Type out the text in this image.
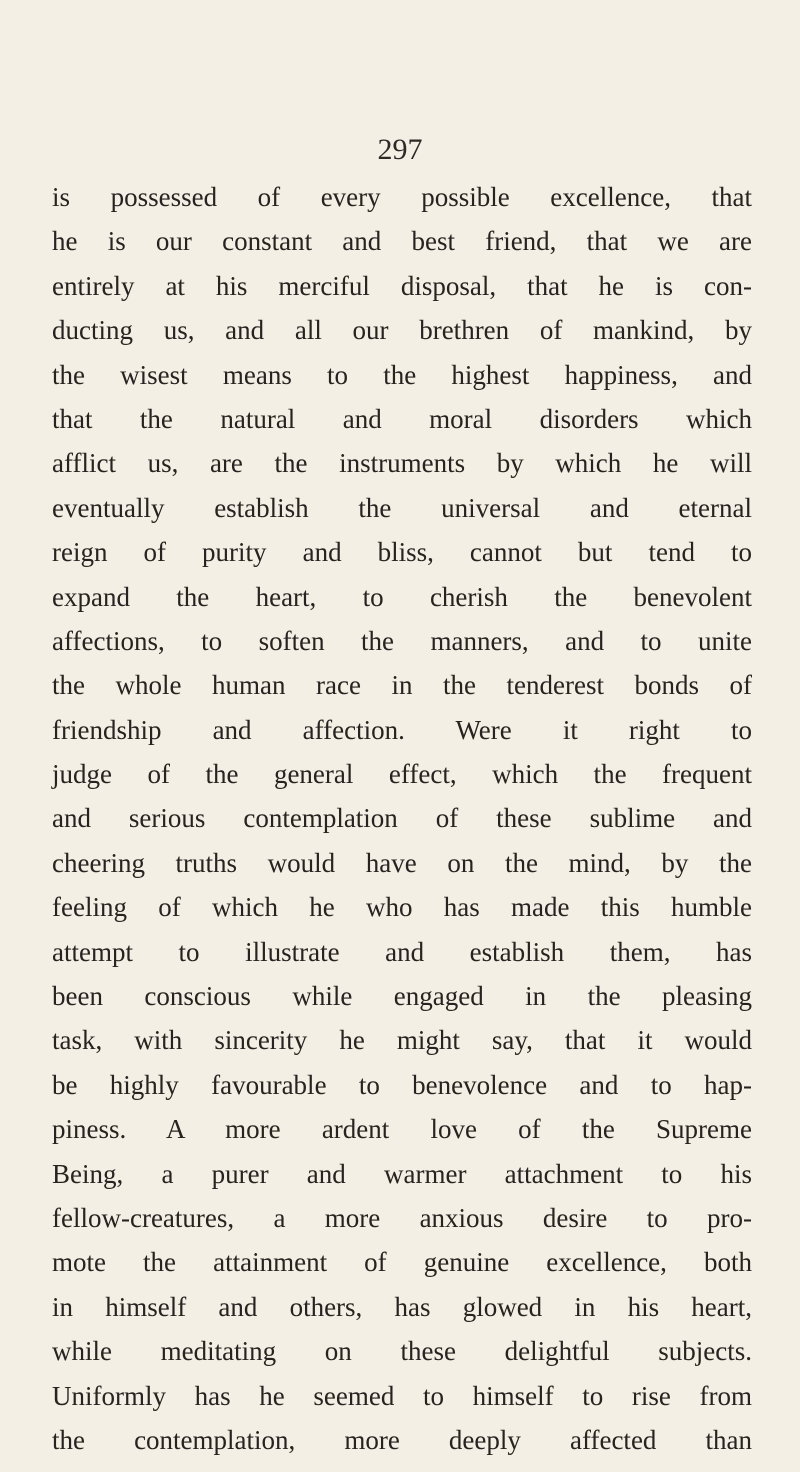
297
is possessed of every possible excellence, that
he is our constant and best friend, that we are
entirely at his merciful disposal, that he is con-
ducting us, and all our brethren of mankind, by
the wisest means to the highest happiness, and
that the natural and moral disorders which
afflict us, are the instruments by which he will
eventually establish the universal and eternal
reign of purity and bliss, cannot but tend to
expand the heart, to cherish the benevolent
affections, to soften the manners, and to unite
the whole human race in the tenderest bonds of
friendship and affection. Were it right to
judge of the general effect, which the frequent
and serious contemplation of these sublime and
cheering truths would have on the mind, by the
feeling of which he who has made this humble
attempt to illustrate and establish them, has
been conscious while engaged in the pleasing
task, with sincerity he might say, that it would
be highly favourable to benevolence and to hap-
piness. A more ardent love of the Supreme
Being, a purer and warmer attachment to his
fellow-creatures, a more anxious desire to pro-
mote the attainment of genuine excellence, both
in himself and others, has glowed in his heart,
while meditating on these delightful subjects.
Uniformly has he seemed to himself to rise from
the contemplation, more deeply affected than
